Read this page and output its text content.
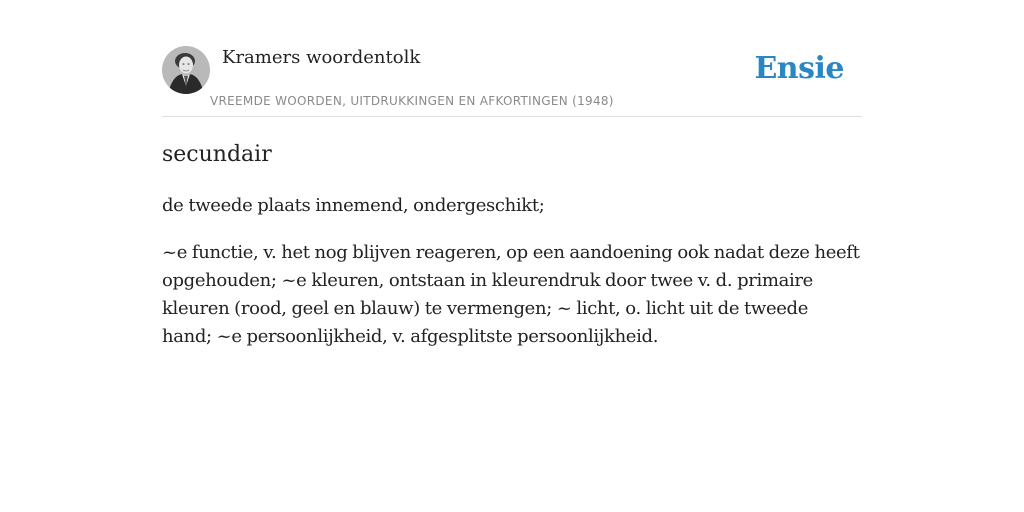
Kramers woordentolk
VREEMDE WOORDEN, UITDRUKKINGEN EN AFKORTINGEN (1948)
Ensie
secundair

de tweede plaats innemend, ondergeschikt;

~e functie, v. het nog blijven reageren, op een aandoening ook nadat deze heeft opgehouden; ~e kleuren, ontstaan in kleurendruk door twee v. d. primaire kleuren (rood, geel en blauw) te vermengen; ~ licht, o. licht uit de tweede hand; ~e persoonlijkheid, v. afgesplitste persoonlijkheid.
